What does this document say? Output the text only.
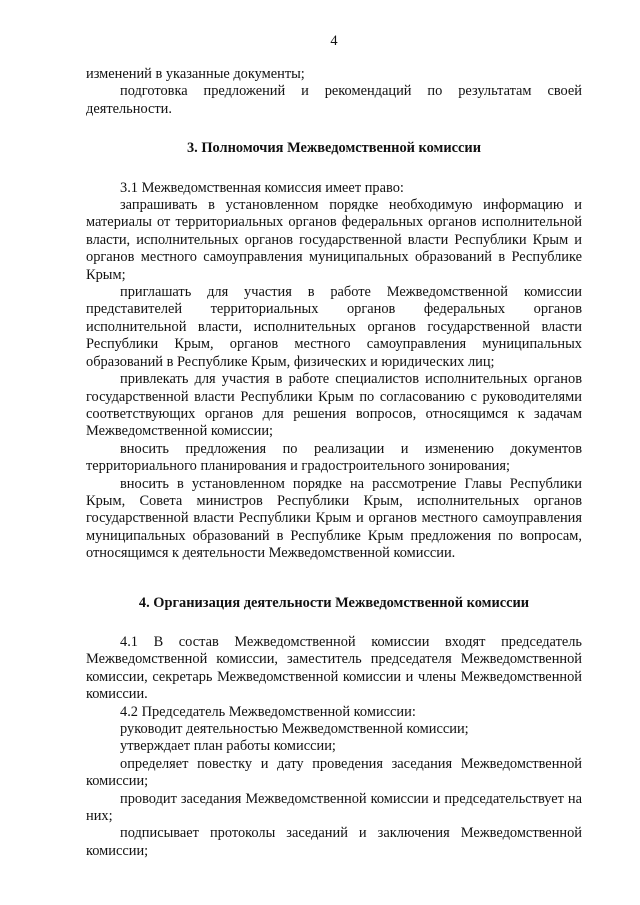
4

изменений в указанные документы;

подготовка предложений и рекомендаций по результатам своей деятельности.

3. Полномочия Межведомственной комиссии

3.1 Межведомственная комиссия имеет право:

запрашивать в установленном порядке необходимую информацию и материалы от территориальных органов федеральных органов исполнительной власти, исполнительных органов государственной власти Республики Крым и органов местного самоуправления муниципальных образований в Республике Крым;

приглашать для участия в работе Межведомственной комиссии представителей территориальных органов федеральных органов исполнительной власти, исполнительных органов государственной власти Республики Крым, органов местного самоуправления муниципальных образований в Республике Крым, физических и юридических лиц;

привлекать для участия в работе специалистов исполнительных органов государственной власти Республики Крым по согласованию с руководителями соответствующих органов для решения вопросов, относящимся к задачам Межведомственной комиссии;

вносить предложения по реализации и изменению документов территориального планирования и градостроительного зонирования;

вносить в установленном порядке на рассмотрение Главы Республики Крым, Совета министров Республики Крым, исполнительных органов государственной власти Республики Крым и органов местного самоуправления муниципальных образований в Республике Крым предложения по вопросам, относящимся к деятельности Межведомственной комиссии.

4. Организация деятельности Межведомственной комиссии

4.1 В состав Межведомственной комиссии входят председатель Межведомственной комиссии, заместитель председателя Межведомственной комиссии, секретарь Межведомственной комиссии и члены Межведомственной комиссии.

4.2 Председатель Межведомственной комиссии:

руководит деятельностью Межведомственной комиссии;

утверждает план работы комиссии;

определяет повестку и дату проведения заседания Межведомственной комиссии;

проводит заседания Межведомственной комиссии и председательствует на них;

подписывает протоколы заседаний и заключения Межведомственной комиссии;
